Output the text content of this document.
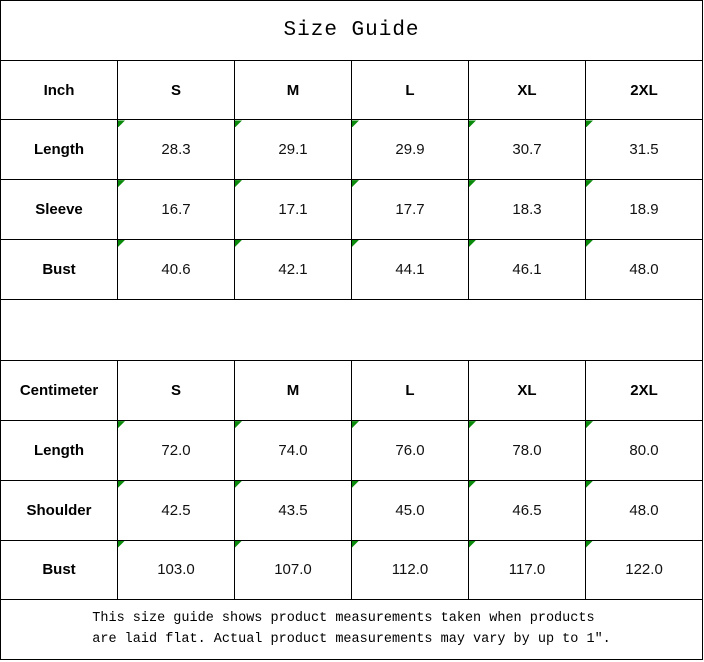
Size Guide					
Inch	S	M	L	XL	2XL
Length	28.3	29.1	29.9	30.7	31.5
Sleeve	16.7	17.1	17.7	18.3	18.9
Bust	40.6	42.1	44.1	46.1	48.0

Centimeter	S	M	L	XL	2XL
Length	72.0	74.0	76.0	78.0	80.0
Shoulder	42.5	43.5	45.0	46.5	48.0
Bust	103.0	107.0	112.0	117.0	122.0
This size guide shows product measurements taken when products
are laid flat. Actual product measurements may vary by up to 1″.					
